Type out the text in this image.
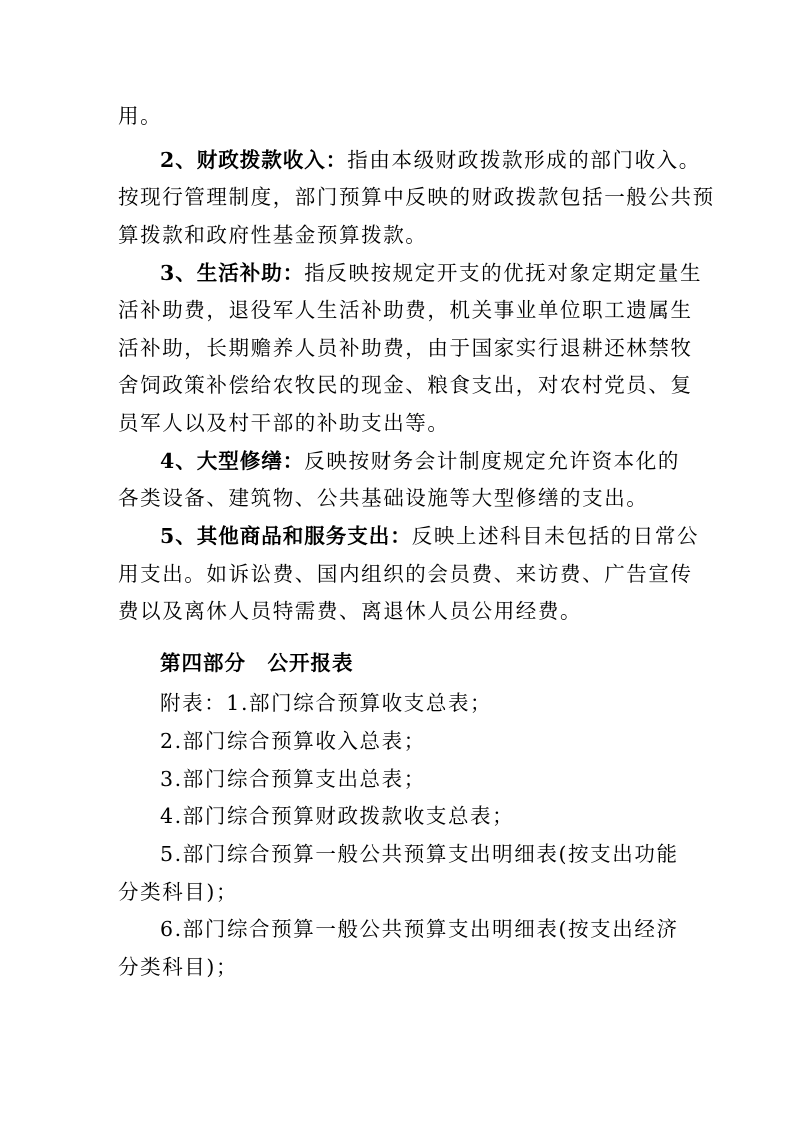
用。
2、财政拨款收入：指由本级财政拨款形成的部门收入。
按现行管理制度，部门预算中反映的财政拨款包括一般公共预
算拨款和政府性基金预算拨款。
3、生活补助：指反映按规定开支的优抚对象定期定量生
活补助费，退役军人生活补助费，机关事业单位职工遗属生
活补助，长期赡养人员补助费，由于国家实行退耕还林禁牧
舍饲政策补偿给农牧民的现金、粮食支出，对农村党员、复
员军人以及村干部的补助支出等。
4、大型修缮：反映按财务会计制度规定允许资本化的
各类设备、建筑物、公共基础设施等大型修缮的支出。
5、其他商品和服务支出：反映上述科目未包括的日常公
用支出。如诉讼费、国内组织的会员费、来访费、广告宣传
费以及离休人员特需费、离退休人员公用经费。
第四部分　公开报表
附表：1.部门综合预算收支总表；
2.部门综合预算收入总表；
3.部门综合预算支出总表；
4.部门综合预算财政拨款收支总表；
5.部门综合预算一般公共预算支出明细表(按支出功能
分类科目)；
6.部门综合预算一般公共预算支出明细表(按支出经济
分类科目)；
